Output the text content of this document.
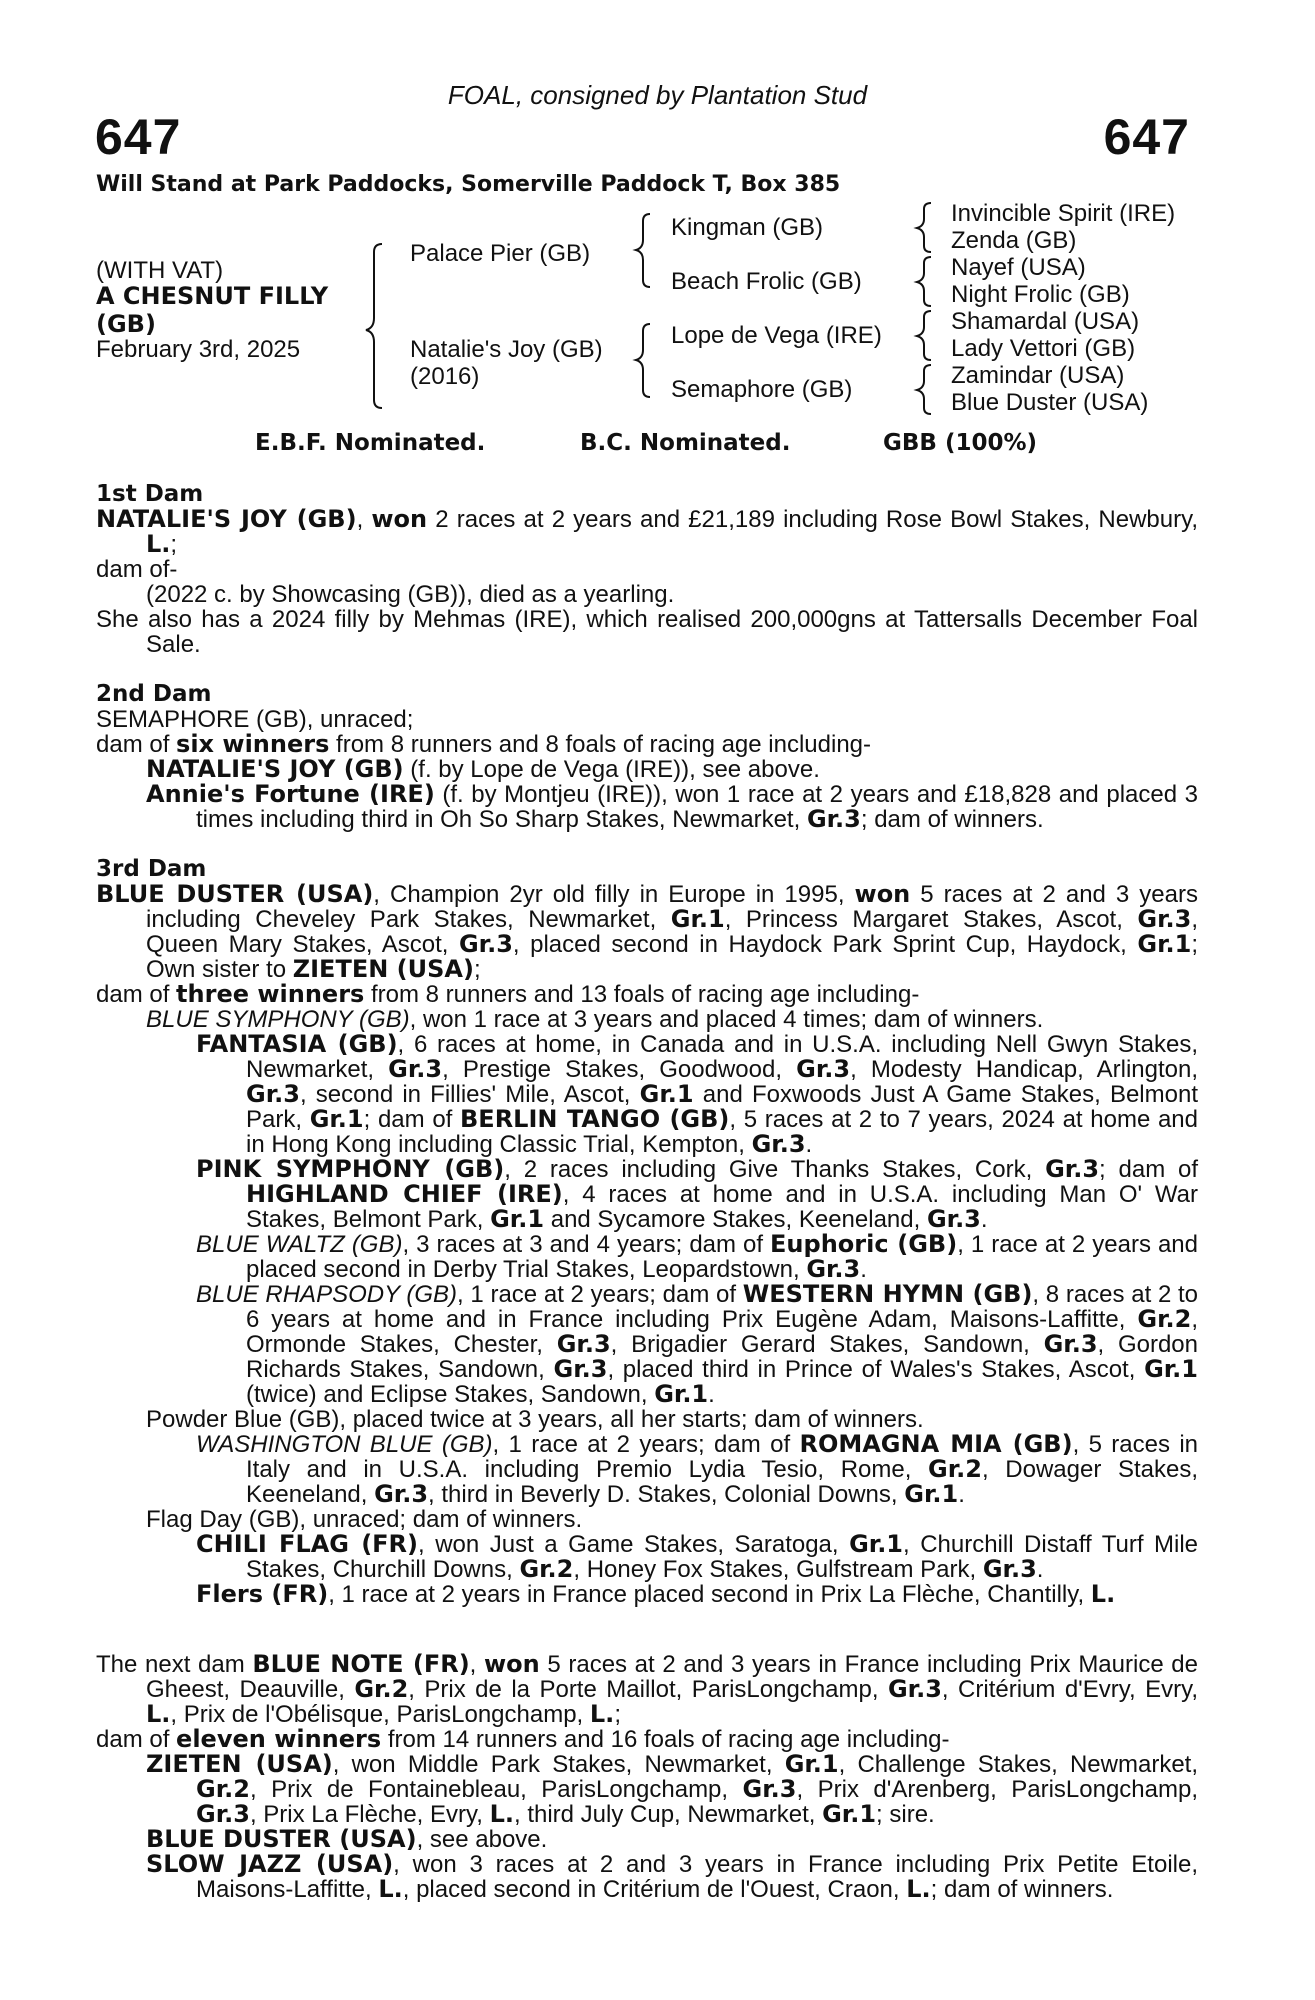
FOAL, consigned by Plantation Stud
647	647
Will Stand at Park Paddocks, Somerville Paddock T, Box 385
(WITH VAT)
A CHESNUT FILLY
(GB)
February 3rd, 2025
Palace Pier (GB)
Natalie's Joy (GB)
(2016)
Kingman (GB)
Beach Frolic (GB)
Lope de Vega (IRE)
Semaphore (GB)
Invincible Spirit (IRE)
Zenda (GB)
Nayef (USA)
Night Frolic (GB)
Shamardal (USA)
Lady Vettori (GB)
Zamindar (USA)
Blue Duster (USA)
E.B.F. Nominated.	B.C. Nominated.	GBB (100%)
1st Dam
NATALIE'S JOY (GB), won 2 races at 2 years and £21,189 including Rose Bowl Stakes, Newbury, L.;
dam of-
(2022 c. by Showcasing (GB)), died as a yearling.
She also has a 2024 filly by Mehmas (IRE), which realised 200,000gns at Tattersalls December Foal Sale.
2nd Dam
SEMAPHORE (GB), unraced;
dam of six winners from 8 runners and 8 foals of racing age including-
NATALIE'S JOY (GB) (f. by Lope de Vega (IRE)), see above.
Annie's Fortune (IRE) (f. by Montjeu (IRE)), won 1 race at 2 years and £18,828 and placed 3 times including third in Oh So Sharp Stakes, Newmarket, Gr.3; dam of winners.
3rd Dam
BLUE DUSTER (USA), Champion 2yr old filly in Europe in 1995, won 5 races at 2 and 3 years including Cheveley Park Stakes, Newmarket, Gr.1, Princess Margaret Stakes, Ascot, Gr.3, Queen Mary Stakes, Ascot, Gr.3, placed second in Haydock Park Sprint Cup, Haydock, Gr.1; Own sister to ZIETEN (USA);
dam of three winners from 8 runners and 13 foals of racing age including-
BLUE SYMPHONY (GB), won 1 race at 3 years and placed 4 times; dam of winners.
FANTASIA (GB), 6 races at home, in Canada and in U.S.A. including Nell Gwyn Stakes, Newmarket, Gr.3, Prestige Stakes, Goodwood, Gr.3, Modesty Handicap, Arlington, Gr.3, second in Fillies' Mile, Ascot, Gr.1 and Foxwoods Just A Game Stakes, Belmont Park, Gr.1; dam of BERLIN TANGO (GB), 5 races at 2 to 7 years, 2024 at home and in Hong Kong including Classic Trial, Kempton, Gr.3.
PINK SYMPHONY (GB), 2 races including Give Thanks Stakes, Cork, Gr.3; dam of HIGHLAND CHIEF (IRE), 4 races at home and in U.S.A. including Man O' War Stakes, Belmont Park, Gr.1 and Sycamore Stakes, Keeneland, Gr.3.
BLUE WALTZ (GB), 3 races at 3 and 4 years; dam of Euphoric (GB), 1 race at 2 years and placed second in Derby Trial Stakes, Leopardstown, Gr.3.
BLUE RHAPSODY (GB), 1 race at 2 years; dam of WESTERN HYMN (GB), 8 races at 2 to 6 years at home and in France including Prix Eugène Adam, Maisons-Laffitte, Gr.2, Ormonde Stakes, Chester, Gr.3, Brigadier Gerard Stakes, Sandown, Gr.3, Gordon Richards Stakes, Sandown, Gr.3, placed third in Prince of Wales's Stakes, Ascot, Gr.1 (twice) and Eclipse Stakes, Sandown, Gr.1.
Powder Blue (GB), placed twice at 3 years, all her starts; dam of winners.
WASHINGTON BLUE (GB), 1 race at 2 years; dam of ROMAGNA MIA (GB), 5 races in Italy and in U.S.A. including Premio Lydia Tesio, Rome, Gr.2, Dowager Stakes, Keeneland, Gr.3, third in Beverly D. Stakes, Colonial Downs, Gr.1.
Flag Day (GB), unraced; dam of winners.
CHILI FLAG (FR), won Just a Game Stakes, Saratoga, Gr.1, Churchill Distaff Turf Mile Stakes, Churchill Downs, Gr.2, Honey Fox Stakes, Gulfstream Park, Gr.3.
Flers (FR), 1 race at 2 years in France placed second in Prix La Flèche, Chantilly, L.
The next dam BLUE NOTE (FR), won 5 races at 2 and 3 years in France including Prix Maurice de Gheest, Deauville, Gr.2, Prix de la Porte Maillot, ParisLongchamp, Gr.3, Critérium d'Evry, Evry, L., Prix de l'Obélisque, ParisLongchamp, L.;
dam of eleven winners from 14 runners and 16 foals of racing age including-
ZIETEN (USA), won Middle Park Stakes, Newmarket, Gr.1, Challenge Stakes, Newmarket, Gr.2, Prix de Fontainebleau, ParisLongchamp, Gr.3, Prix d'Arenberg, ParisLongchamp, Gr.3, Prix La Flèche, Evry, L., third July Cup, Newmarket, Gr.1; sire.
BLUE DUSTER (USA), see above.
SLOW JAZZ (USA), won 3 races at 2 and 3 years in France including Prix Petite Etoile, Maisons-Laffitte, L., placed second in Critérium de l'Ouest, Craon, L.; dam of winners.
